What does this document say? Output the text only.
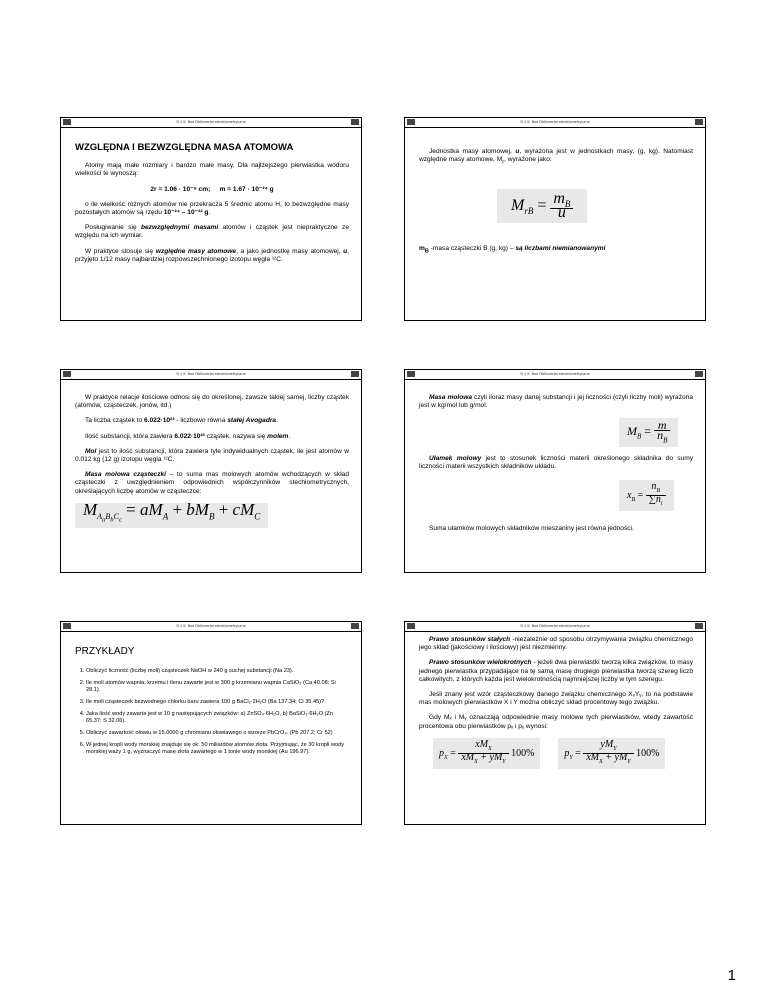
S.1 II. Bat Obliczenia stechiometryczne
WZGLĘDNA I BEZWZGLĘDNA MASA ATOMOWA

Atomy mają małe rozmiary i bardzo małe masy. Dla najlżejszego pierwiastka wodoru wielkości te wynoszą:

2r = 1.06 · 10⁻⁸ cm; m = 1.67 · 10⁻²⁴ g

o ile wielkość różnych atomów nie przekracza 5 średnic atomu H, to bezwzględne masy pozostałych atomów są rzędu 10⁻²⁴ – 10⁻²² g.

Posługiwanie się bezwzględnymi masami atomów i cząstek jest niepraktyczne ze względu na ich wymiar.

W praktyce stosuje się względne masy atomowe, a jako jednostkę masy atomowej, u, przyjęto 1/12 masy najbardziej rozpowszechnionego izotopu węgla ¹²C.

S.1 II. Bat Obliczenia stechiometryczne

Jednostka masy atomowej, u, wyrażona jest w jednostkach masy, (g, kg). Natomiast względne masy atomowe, $M_r$, wyrażone jako:

$M_{rB} = \frac{m_B}{u}$

$m_B$ -masa cząsteczki B (g, kg) – są liczbami niemianowanymi

S.1 II. Bat Obliczenia stechiometryczne

W praktyce relacje ilościowe odnosi się do określonej, zawsze takiej samej, liczby cząstek (atomów, cząsteczek, jonów, itd.)

Ta liczba cząstek to 6.022·10²³ - liczbowo równa stałej Avogadra.

Ilość substancji, która zawiera 6.022·10²³ cząstek, nazywa się molem.

Mol jest to ilość substancji, która zawiera tyle indywidualnych cząstek, ile jest atomów w 0.012 kg (12 g) izotopu węgla ¹²C.

Masa molowa cząsteczki – to suma mas molowych atomów wchodzących w skład cząsteczki z uwzględnieniem odpowiednich współczynników stechiometrycznych, określających liczbę atomów w cząsteczce:

$M_{A_aB_bC_c} = aM_A + bM_B + cM_C$
S.1 II. Bat Obliczenia stechiometryczne

Masa molowa czyli iloraz masy danej substancji i jej liczności (czyli liczby moli) wyrażona jest w kg/mol lub g/mol.

$M_B = \frac{m}{n_B}$

Ułamek molowy jest to stosunek liczności materii określonego składnika do sumy liczności materii wszystkich składników układu.

$x_B = \frac{n_B}{\sum n_i}$

Suma ułamków molowych składników mieszaniny jest równa jedności.

S.1 II. Bat Obliczenia stechiometryczne
PRZYKŁADY
1. Obliczyć liczność (liczbę moli) cząsteczek NaOH w 240 g suchej substancji (Na 23).
2. Ile moli atomów wapnia, krzemu i tlenu zawarte jest w 300 g krzemianu wapnia CaSiO₃ (Ca 40.08; Si 28.1).
3. Ile moli cząsteczek bezwodnego chlorku baru zawiera 100 g BaCl₂·2H₂O (Ba 137.34; Cl 35.45)?
4. Jaka ilość wody zawarta jest w 10 g następujących związków: a) ZnSO₄·6H₂O, b) BaSiO₃·6H₂O (Zn 65.37; S 32.06).
5. Obliczyć zawartość ołowiu w 15.0000 g chromianu ołowiawego o wzorze PbCrO₄. (Pb 207.2; Cr 52)
6. W jednej kropli wody morskiej znajduje się ok. 50 miliardów atomów złota. Przyjmując, że 30 kropli wody morskiej waży 1 g, wyznaczyć masę złota zawartego w 1 tonie wody morskiej (Au 196.97).
S.1 II. Bat Obliczenia stechiometryczne

Prawo stosunków stałych -niezależnie od sposobu otrzymywania związku chemicznego jego skład (jakościowy i ilościowy) jest niezmienny.

Prawo stosunków wielokrotnych - jeżeli dwa pierwiastki tworzą kilka związków, to masy jednego pierwiastka przypadające na tę samą masę drugiego pierwiastka tworzą szereg liczb całkowitych, z których każda jest wielokrotnością najmniejszej liczby w tym szeregu.

Jeśli znany jest wzór cząsteczkowy danego związku chemicznego XₓYᵧ, to na podstawie mas molowych pierwiastków X i Y można obliczyć skład procentowy tego związku.

Gdy Mₓ i Mᵧ oznaczają odpowiednie masy molowe tych pierwiastków, wtedy zawartość procentowa obu pierwiastków pₓ i pᵧ wynosi:

$p_X = \frac{xM_X}{xM_X + yM_Y} 100\%$	$p_Y = \frac{yM_Y}{xM_X + yM_Y} 100\%$
1
